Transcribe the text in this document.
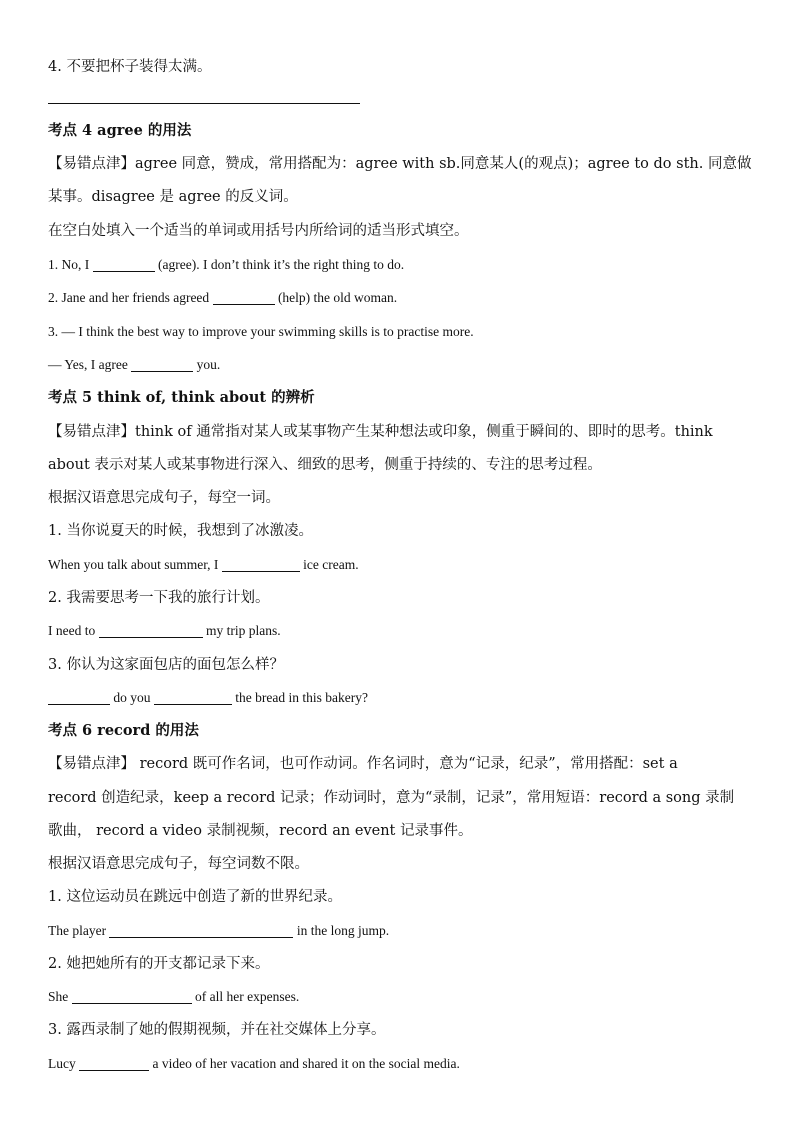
4. 不要把杯子装得太满。
考点 4 agree 的用法
【易错点津】agree 同意，赞成，常用搭配为：agree with sb.同意某人(的观点)；agree to do sth. 同意做
某事。disagree 是 agree 的反义词。
在空白处填入一个适当的单词或用括号内所给词的适当形式填空。
1. No, I	(agree). I don’t think it’s the right thing to do.
2. Jane and her friends agreed	(help) the old woman.
3. — I think the best way to improve your swimming skills is to practise more.
— Yes, I agree	you.
考点 5 think of, think about 的辨析
【易错点津】think of 通常指对某人或某事物产生某种想法或印象，侧重于瞬间的、即时的思考。think
about 表示对某人或某事物进行深入、细致的思考，侧重于持续的、专注的思考过程。
根据汉语意思完成句子，每空一词。
1. 当你说夏天的时候，我想到了冰激凌。
When you talk about summer, I	ice cream.
2. 我需要思考一下我的旅行计划。
I need to	my trip plans.
3. 你认为这家面包店的面包怎么样？
do you	the bread in this bakery?
考点 6 record 的用法
【易错点津】 record 既可作名词，也可作动词。作名词时，意为“记录，纪录”，常用搭配：set a
record 创造纪录，keep a record 记录；作动词时，意为“录制，记录”，常用短语：record a song 录制
歌曲， record a video 录制视频，record an event 记录事件。
根据汉语意思完成句子，每空词数不限。
1. 这位运动员在跳远中创造了新的世界纪录。
The player	in the long jump.
2. 她把她所有的开支都记录下来。
She	of all her expenses.
3. 露西录制了她的假期视频，并在社交媒体上分享。
Lucy	a video of her vacation and shared it on the social media.
